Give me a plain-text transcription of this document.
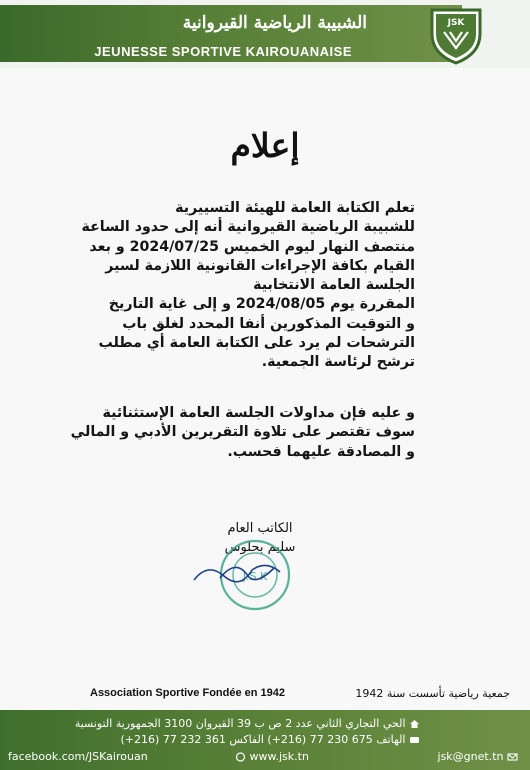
الشبيبة الرياضية القيروانية
JEUNESSE SPORTIVE KAIROUANAISE
JSK
إعلام
تعلم الكتابة العامة للهيئة التسييرية
للشبيبة الرياضية القيروانية أنه إلى حدود الساعة
منتصف النهار ليوم الخميس 2024/07/25 و بعد
القيام بكافة الإجراءات القانونية اللازمة لسير
الجلسة العامة الانتخابية
المقررة يوم 2024/08/05 و إلى غاية التاريخ
و التوقيت المذكورين أنفا المحدد لغلق باب
الترشحات لم يرد على الكتابة العامة أي مطلب
ترشح لرئاسة الجمعية.
و عليه فإن مداولات الجلسة العامة الإستثنائية
سوف تقتصر على تلاوة التقريرين الأدبي و المالي
و المصادقة عليهما فحسب.
الكاتب العام
سليم بحلوس
J.S.K
Association Sportive Fondée en 1942	جمعية رياضية تأسست سنة 1942
الحي التجاري الثاني عدد 2 ص ب 39 القيروان 3100 الجمهورية التونسية
الهاتف 675 230 77 (216+) الفاكس 361 232 77 (216+)
facebook.com/JSKairouan	www.jsk.tn	jsk@gnet.tn
